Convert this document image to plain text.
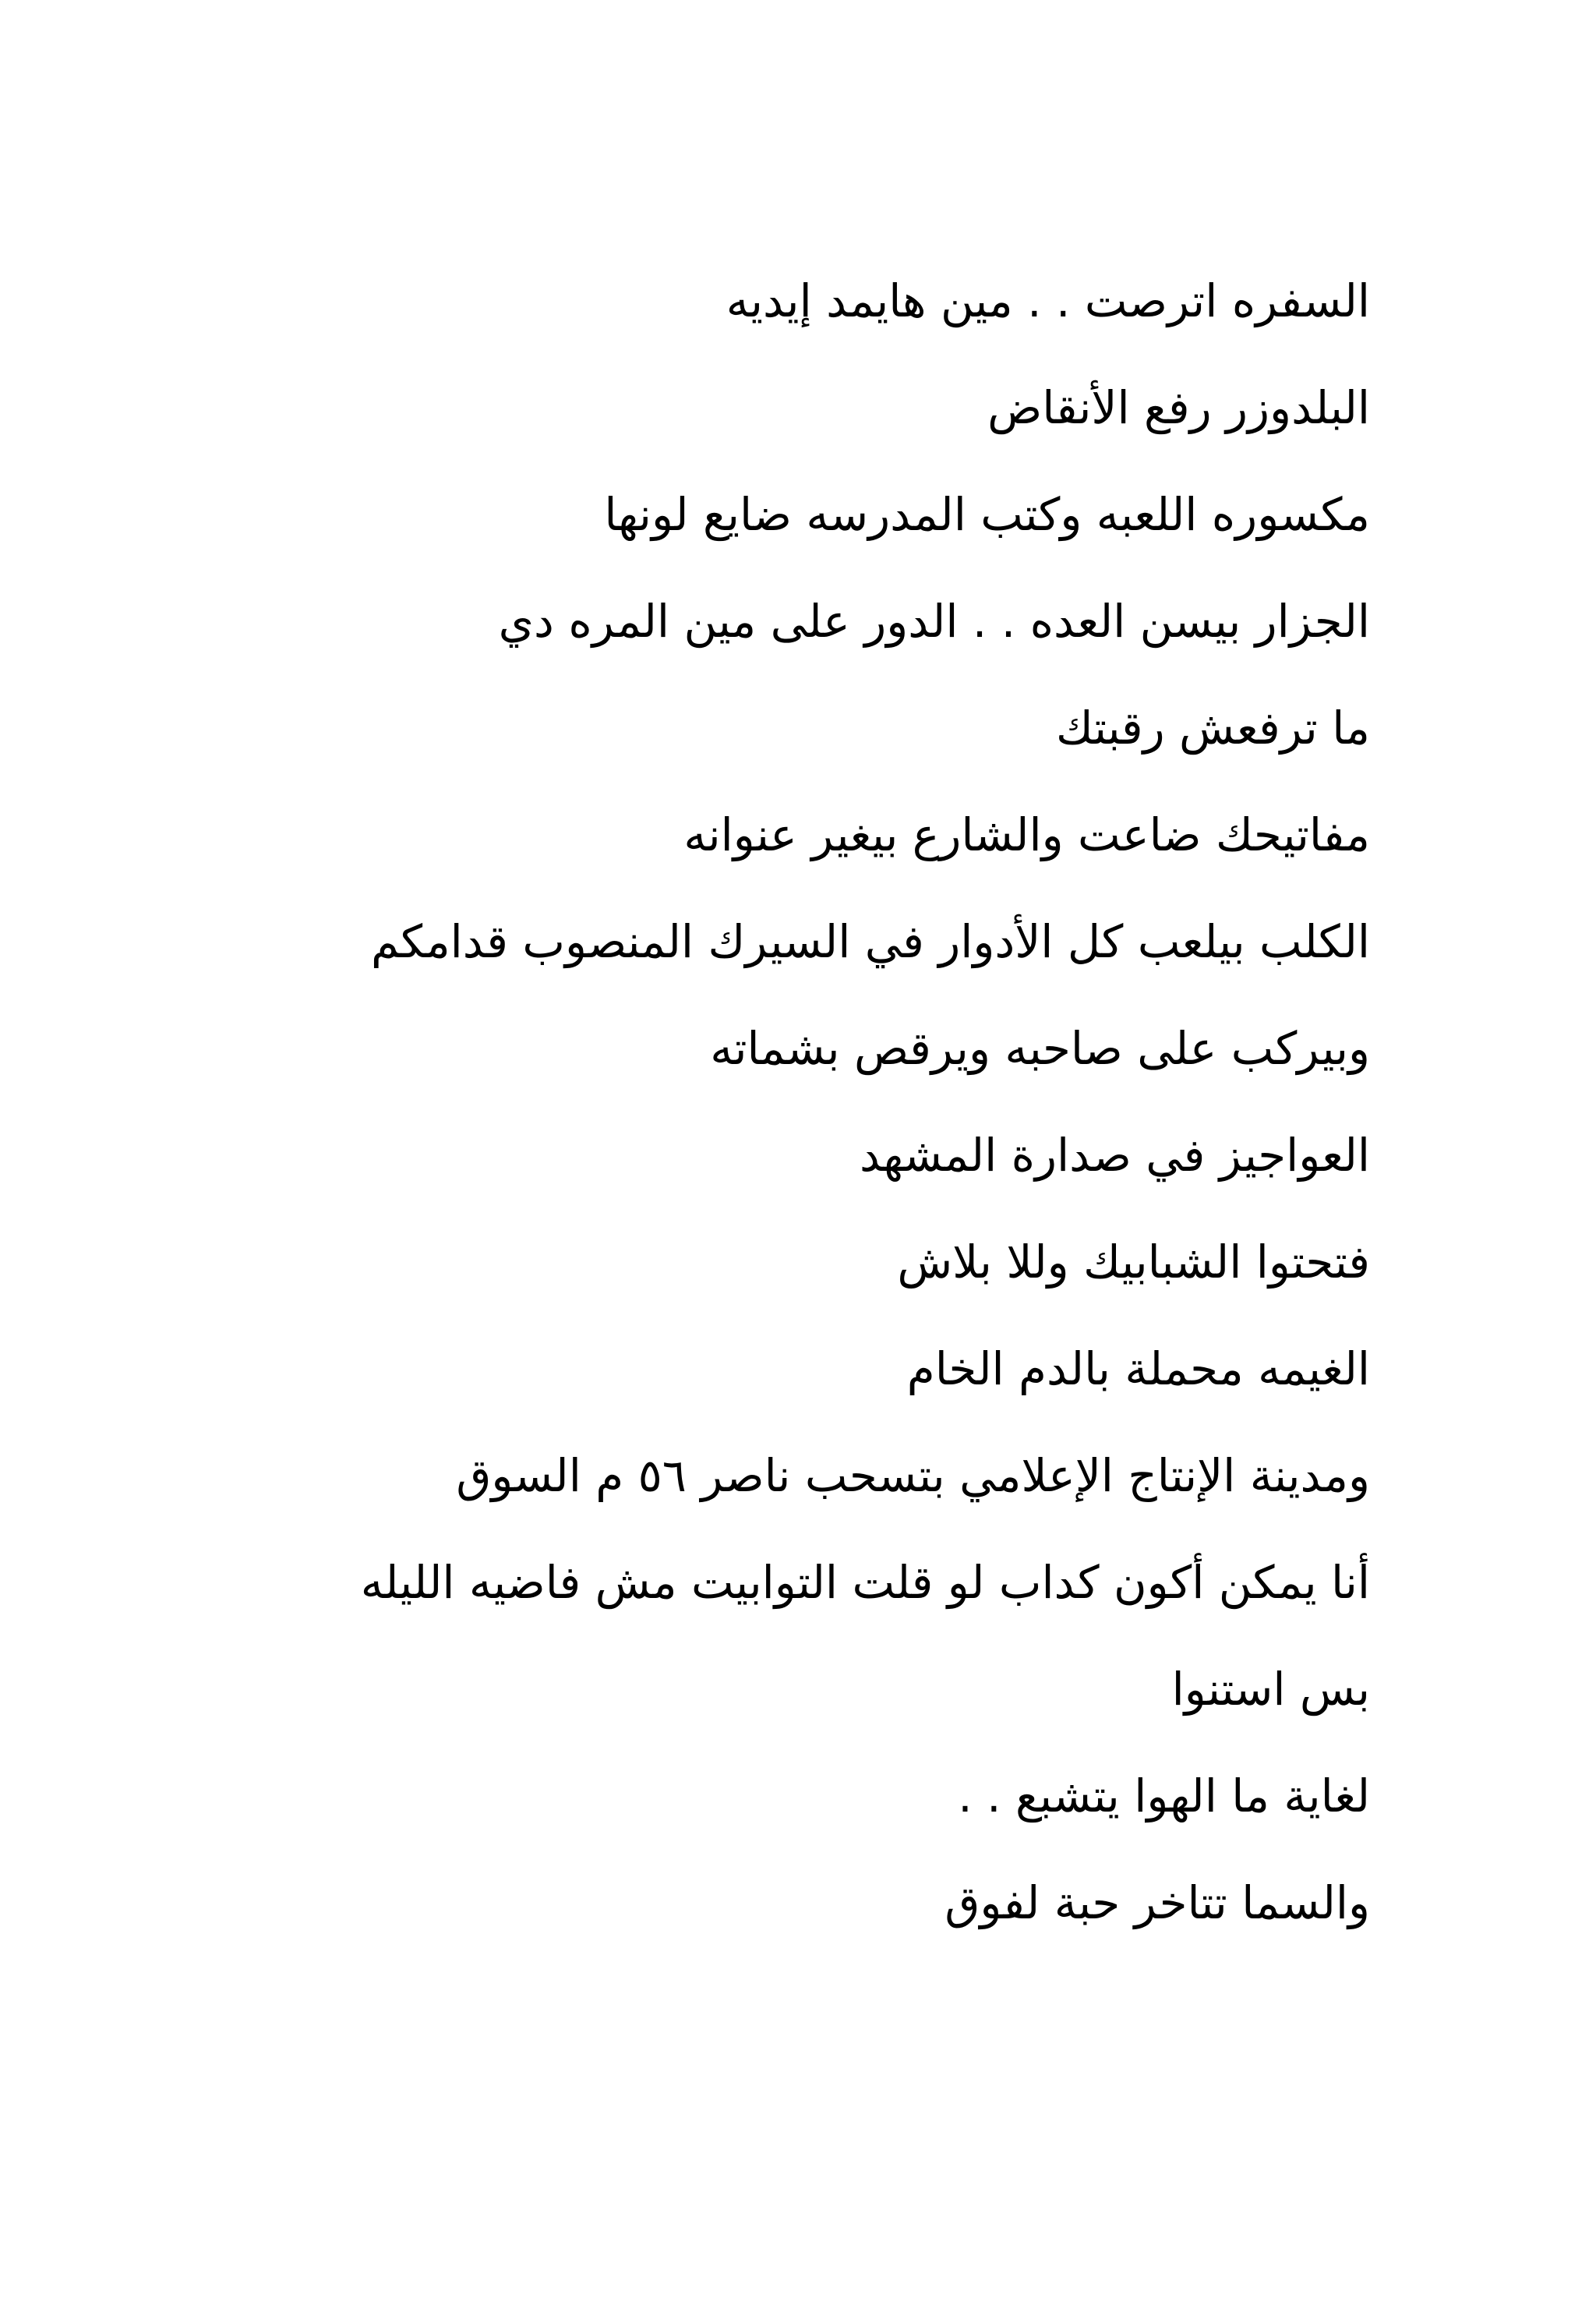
السفره اترصت . . مين هايمد إيديه
البلدوزر رفع الأنقاض
مكسوره اللعبه وكتب المدرسه ضايع لونها
الجزار بيسن العده . . الدور على مين المره دي
ما ترفعش رقبتك
مفاتيحك ضاعت والشارع بيغير عنوانه
الكلب بيلعب كل الأدوار في السيرك المنصوب قدامكم
وبيركب على صاحبه ويرقص بشماته
العواجيز في صدارة المشهد
فتحتوا الشبابيك وللا بلاش
الغيمه محملة بالدم الخام
ومدينة الإنتاج الإعلامي بتسحب ناصر ٥٦ م السوق
أنا يمكن أكون كداب لو قلت التوابيت مش فاضيه الليله
بس استنوا
لغاية ما الهوا يتشبع . .
والسما تتاخر حبة لفوق
